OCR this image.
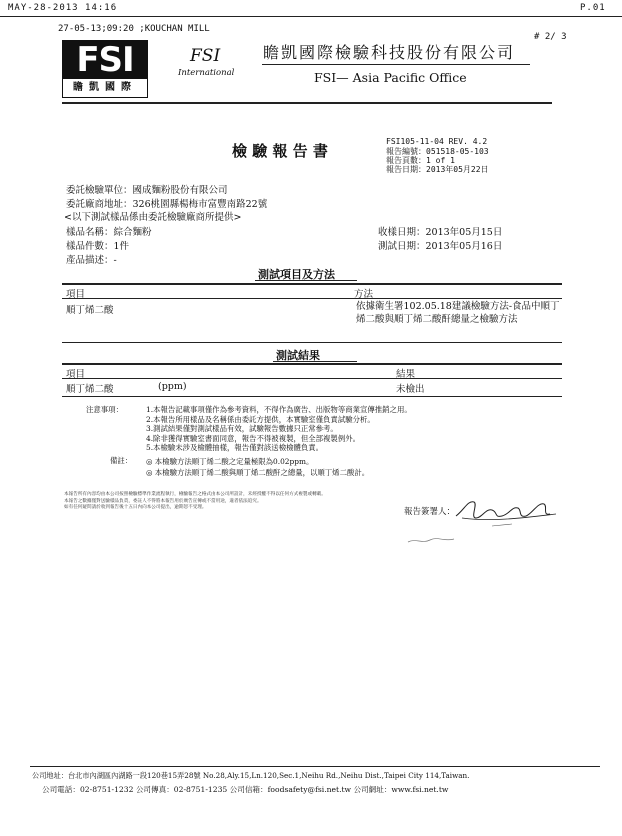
MAY-28-2013 14:16	P.01
27-05-13;09:20 ;KOUCHAN MILL
# 2/ 3
FSI
瞻凱國際
FSI
International
瞻凱國際檢驗科技股份有限公司
FSI— Asia Pacific Office
檢 驗 報 告 書
FSI105-11-04 REV. 4.2
報告編號：051518-05-103
報告頁數：1 of 1
報告日期：2013年05月22日
委託檢驗單位：國成麵粉股份有限公司
委託廠商地址：326桃園縣楊梅市富豐南路22號
<以下測試樣品係由委託檢驗廠商所提供>
樣品名稱：綜合麵粉
樣品件數：1件
產品描述：-
收樣日期：2013年05月15日
測試日期：2013年05月16日
測試項目及方法
項目	方法
順丁烯二酸	依據衛生署102.05.18建議檢驗方法-食品中順丁烯二酸與順丁烯二酸酐總量之檢驗方法
測試結果
項目	結果
順丁烯二酸	(ppm)	未檢出
注意事項：	1.本報告記載事項僅作為參考資料，不得作為廣告、出版物等商業宣傳推銷之用。
2.本報告所用樣品及名稱係由委託方提供，本實驗室僅負責試驗分析。
3.測試結果僅對測試樣品有效，試驗報告數據只正常參考。
4.除非獲得實驗室書面同意，報告不得被複製，但全部複製例外。
5.本檢驗未涉及檢體抽樣，報告僅對該送檢檢體負責。
備註： ◎ 本檢驗方法順丁烯二酸之定量極限為0.02ppm。
◎ 本檢驗方法順丁烯二酸與順丁烯二酸酐之總量，以順丁烯二酸計。
本報告所有內容均由本公司按照檢驗標準作業流程執行，檢驗報告之格式由本公司所設計，未經授權不得以任何方式複製或轉載。
本報告之數據僅對送驗樣品負責，委託人不得將本報告用於廣告宣傳或不當用途，違者依法追究。
如有任何疑問請於收到報告後十五日內向本公司提出，逾期恕不受理。	報告簽署人：
公司地址：台北市內湖區內湖路一段120巷15弄28號 No.28,Aly.15,Ln.120,Sec.1,Neihu Rd.,Neihu Dist.,Taipei City 114,Taiwan.
公司電話：02-8751-1232 公司傳真：02-8751-1235 公司信箱：foodsafety@fsi.net.tw 公司網址：www.fsi.net.tw
